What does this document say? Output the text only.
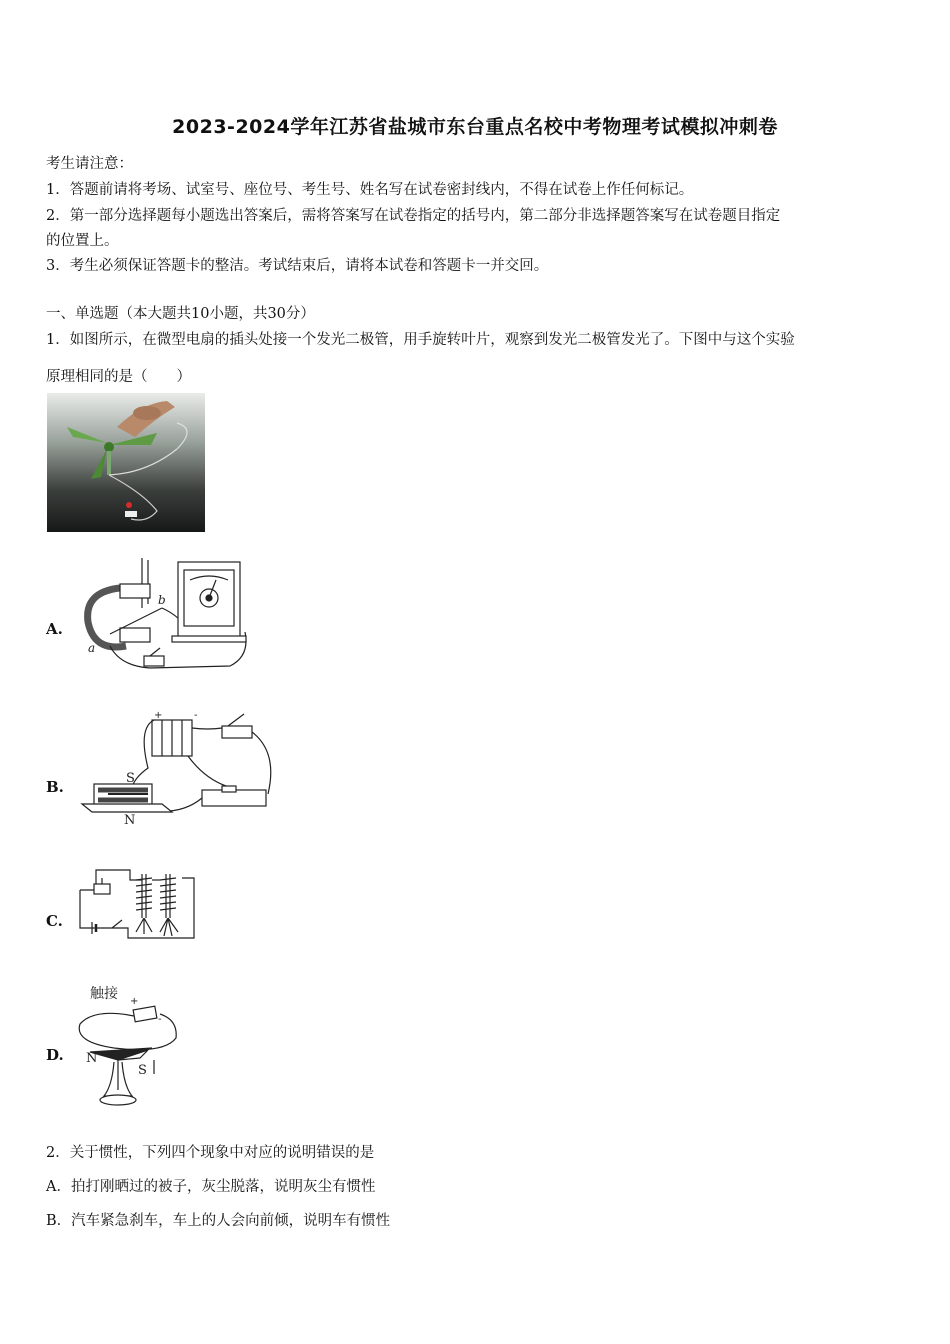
2023-2024学年江苏省盐城市东台重点名校中考物理考试模拟冲刺卷
考生请注意：
1．答题前请将考场、试室号、座位号、考生号、姓名写在试卷密封线内，不得在试卷上作任何标记。
2．第一部分选择题每小题选出答案后，需将答案写在试卷指定的括号内，第二部分非选择题答案写在试卷题目指定
的位置上。
3．考生必须保证答题卡的整洁。考试结束后，请将本试卷和答题卡一并交回。
一、单选题（本大题共10小题，共30分）
1．如图所示，在微型电扇的插头处接一个发光二极管，用手旋转叶片，观察到发光二极管发光了。下图中与这个实验
原理相同的是（　　）
A.
a
b
B.	S
N
+	-
C.
D.
触接
N
S
+
-
2．关于惯性，下列四个现象中对应的说明错误的是
A．拍打刚晒过的被子，灰尘脱落，说明灰尘有惯性
B．汽车紧急刹车，车上的人会向前倾，说明车有惯性
